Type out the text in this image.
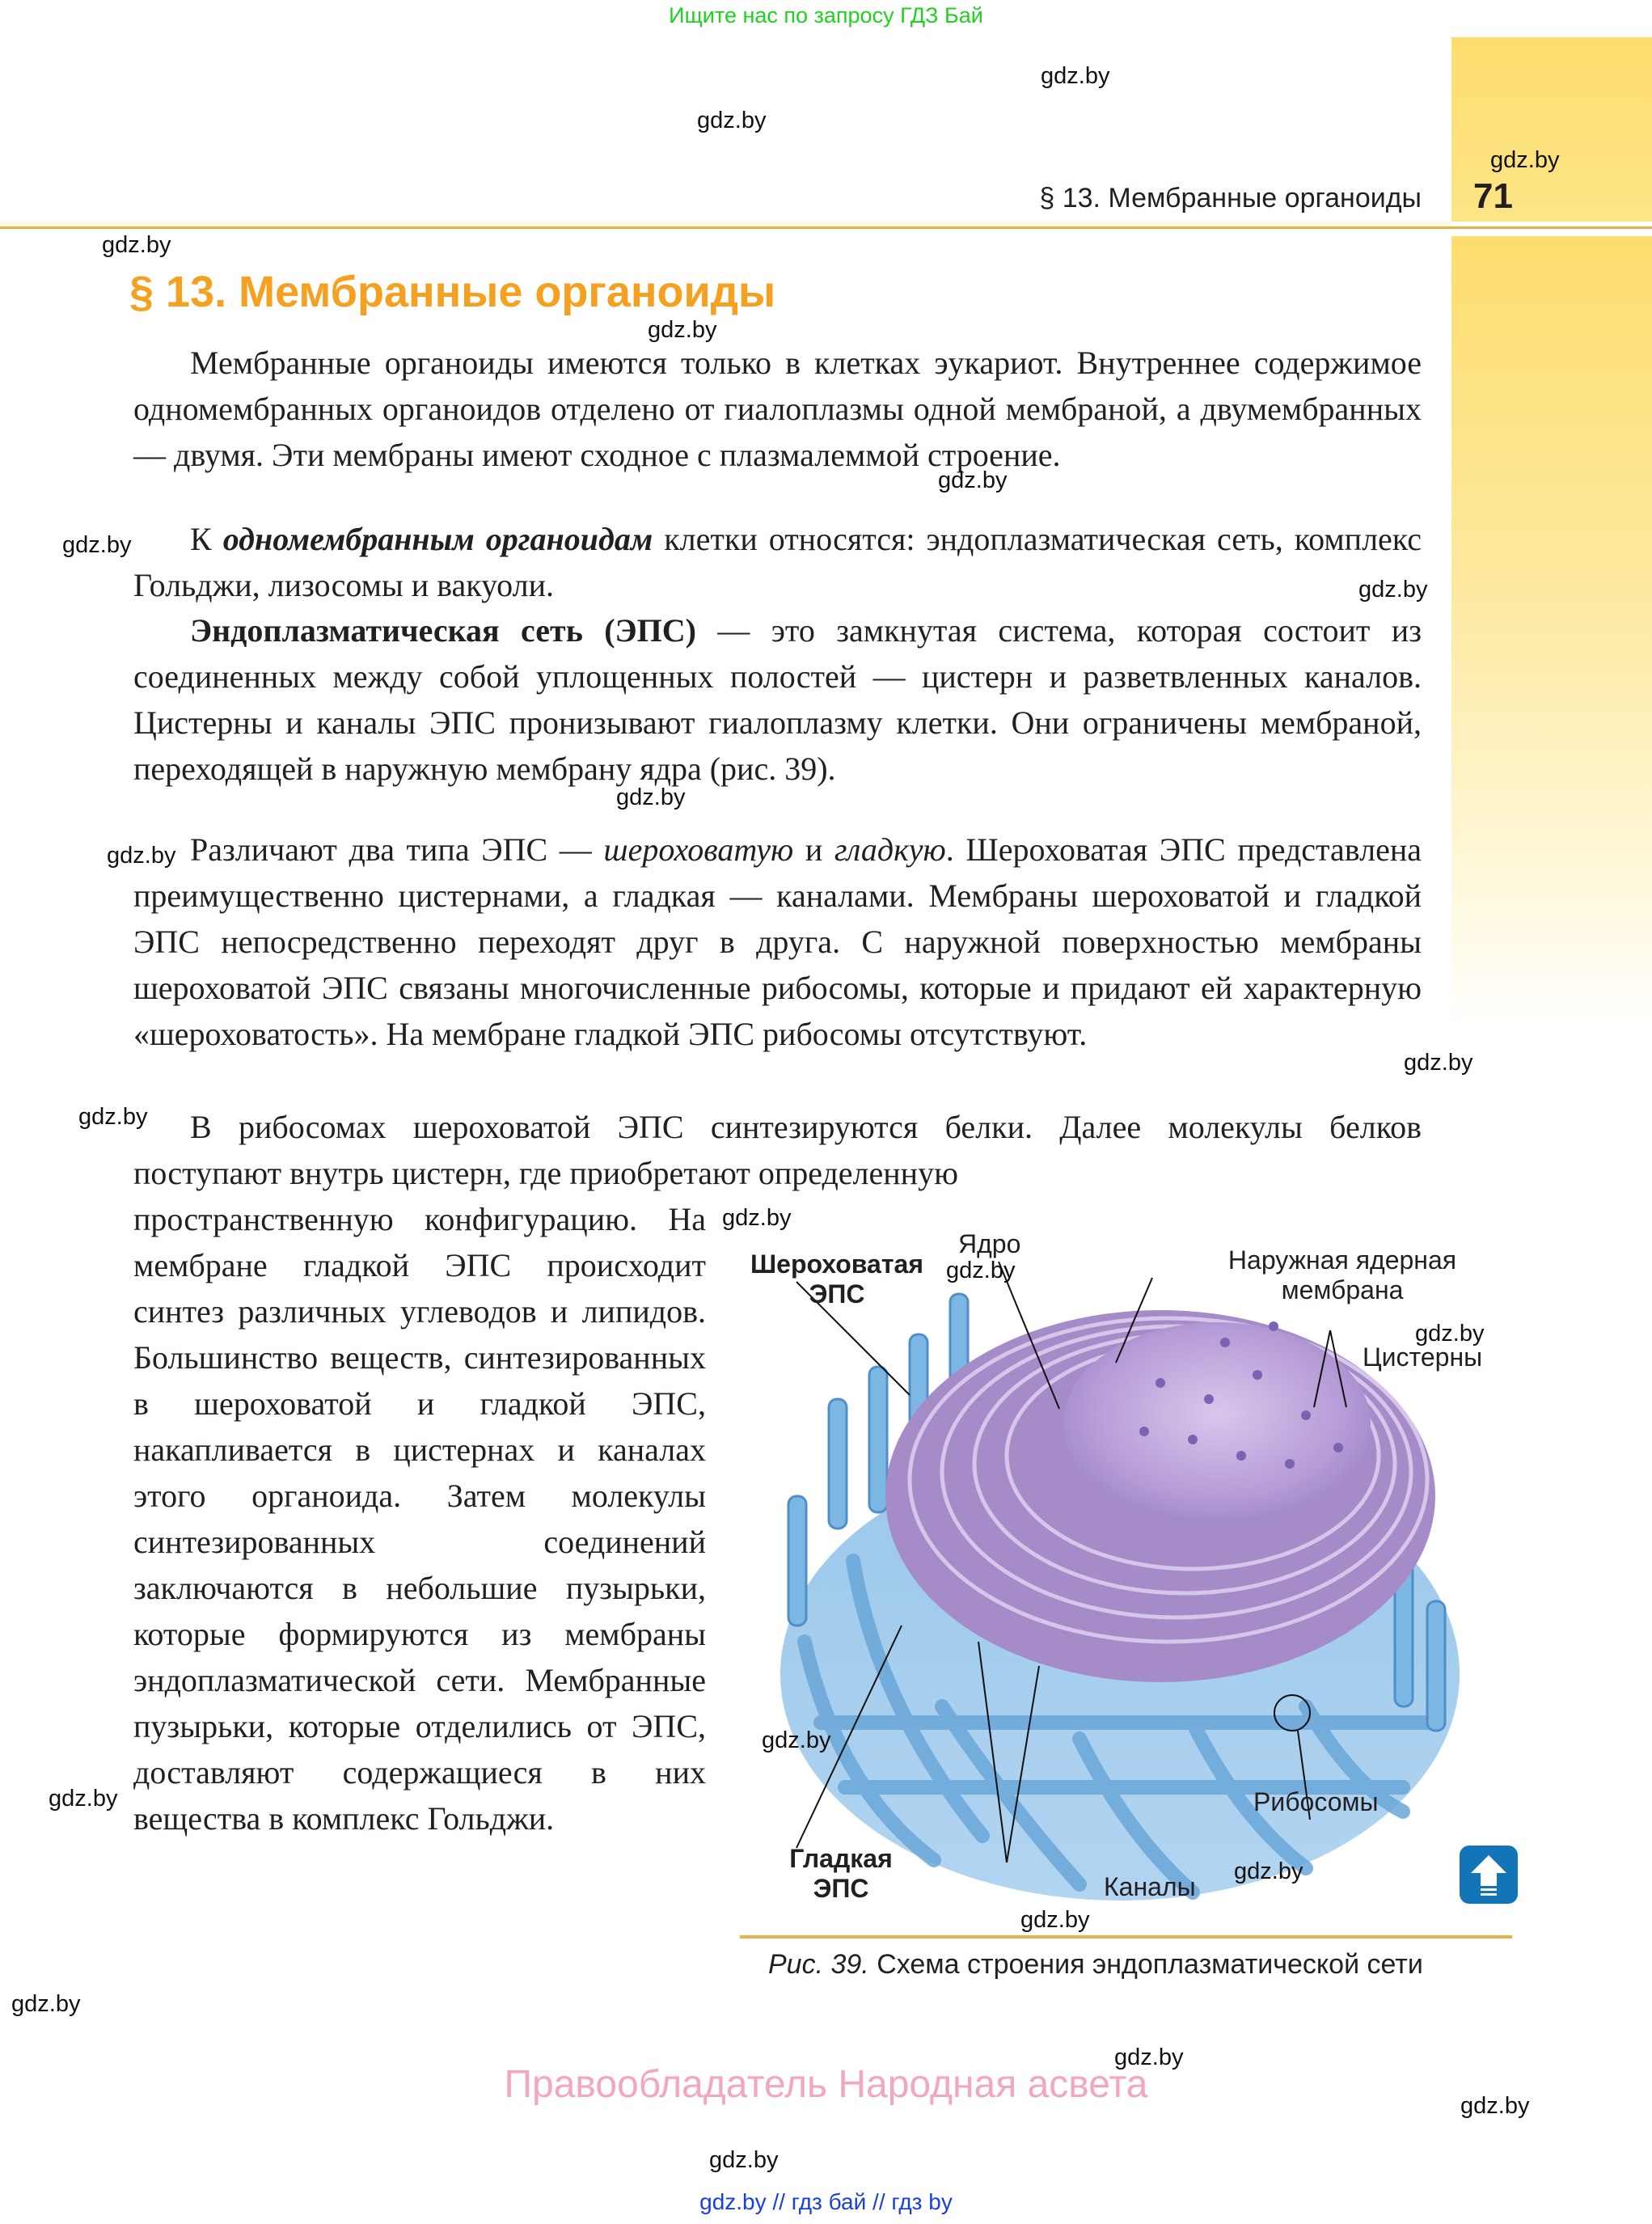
Ищите нас по запросу ГДЗ Бай
§ 13. Мембранные органоиды 71
§ 13. Мембранные органоиды

Мембранные органоиды имеются только в клетках эукариот. Внутреннее содержимое одномембранных органоидов отделено от гиалоплазмы одной мембраной, а двумембранных — двумя. Эти мембраны имеют сходное с плазмалеммой строение.

К одномембранным органоидам клетки относятся: эндоплазматическая сеть, комплекс Гольджи, лизосомы и вакуоли.

Эндоплазматическая сеть (ЭПС) — это замкнутая система, которая состоит из соединенных между собой уплощенных полостей — цистерн и разветвленных каналов. Цистерны и каналы ЭПС пронизывают гиалоплазму клетки. Они ограничены мембраной, переходящей в наружную мембрану ядра (рис. 39).

Различают два типа ЭПС — шероховатую и гладкую. Шероховатая ЭПС представлена преимущественно цистернами, а гладкая — каналами. Мембраны шероховатой и гладкой ЭПС непосредственно переходят друг в друга. С наружной поверхностью мембраны шероховатой ЭПС связаны многочисленные рибосомы, которые и придают ей характерную «шероховатость». На мембране гладкой ЭПС рибосомы отсутствуют.

В рибосомах шероховатой ЭПС синтезируются белки. Далее молекулы белков поступают внутрь цистерн, где приобретают определенную

пространственную конфигурацию. На мембране гладкой ЭПС происходит синтез различных углеводов и липидов. Большинство веществ, синтезированных в шероховатой и гладкой ЭПС, накапливается в цистернах и каналах этого органоида. Затем молекулы синтезированных соединений заключаются в небольшие пузырьки, которые формируются из мембраны эндоплазматической сети. Мембранные пузырьки, которые отделились от ЭПС, доставляют содержащиеся в них вещества в комплекс Гольджи.

Шероховатая ЭПС
Ядро
Наружная ядерная мембрана
Цистерны
Рибосомы
Каналы
Гладкая ЭПС
Рис. 39. Схема строения эндоплазматической сети
gdz.by
gdz.by
gdz.by
gdz.by
gdz.by
gdz.by
gdz.by
gdz.by
gdz.by
gdz.by
gdz.by
gdz.by
gdz.by
gdz.by
gdz.by
gdz.by
gdz.by
gdz.by
gdz.by
gdz.by
gdz.by
gdz.by
gdz.by
Правообладатель Народная асвета
gdz.by // гдз бай // гдз by
